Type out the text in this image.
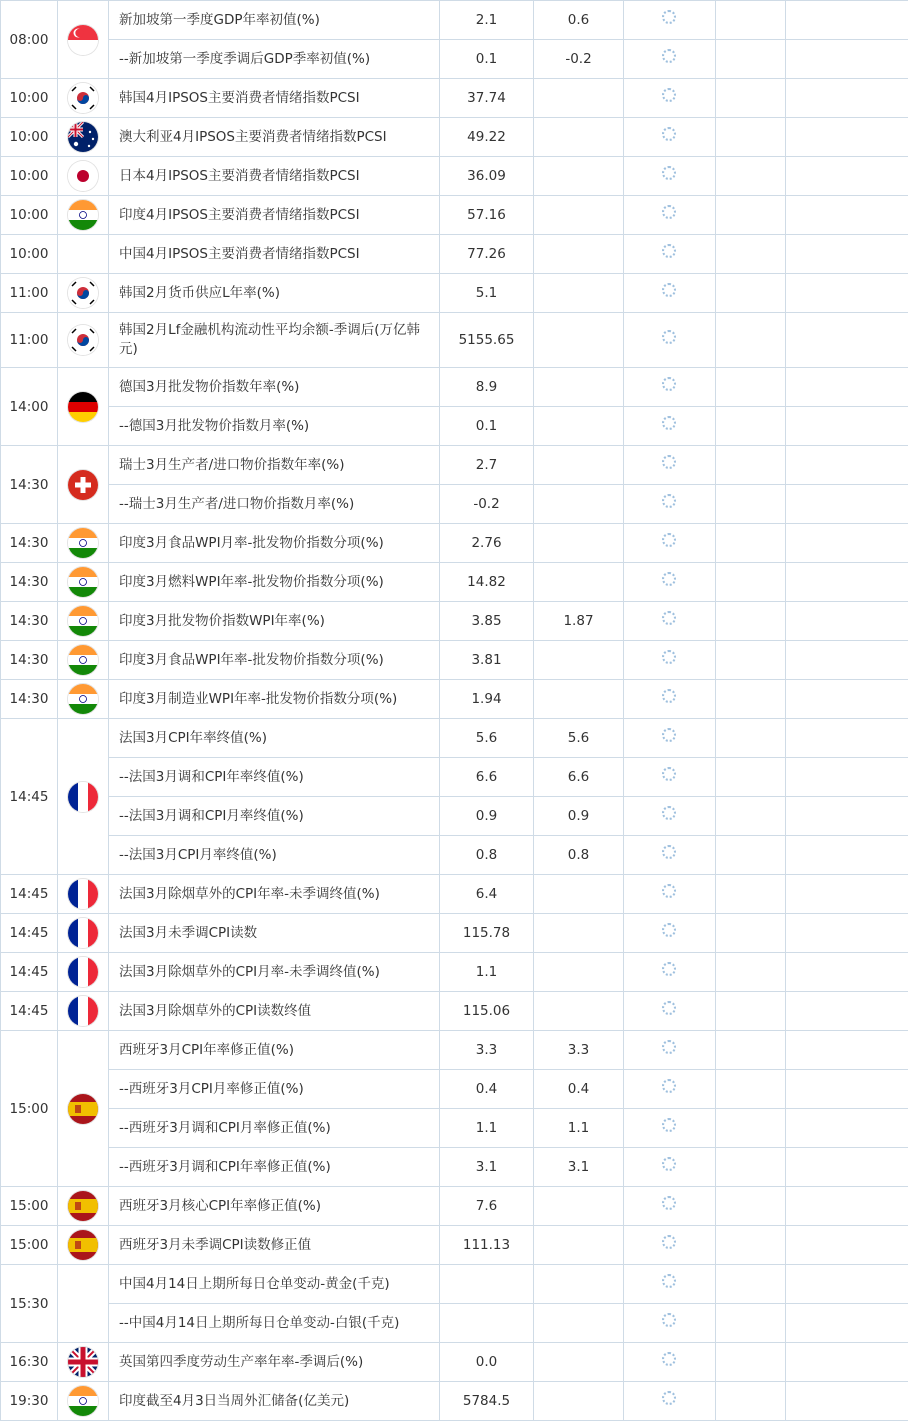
08:00		新加坡第一季度GDP年率初值(%)	2.1	0.6			
		--新加坡第一季度季调后GDP季率初值(%)	0.1	-0.2			
10:00		韩国4月IPSOS主要消费者情绪指数PCSI	37.74				
10:00		澳大利亚4月IPSOS主要消费者情绪指数PCSI	49.22				
10:00		日本4月IPSOS主要消费者情绪指数PCSI	36.09				
10:00		印度4月IPSOS主要消费者情绪指数PCSI	57.16				
10:00		中国4月IPSOS主要消费者情绪指数PCSI	77.26				
11:00		韩国2月货币供应L年率(%)	5.1				
11:00		韩国2月Lf金融机构流动性平均余额-季调后(万亿韩元)	5155.65				
14:00		德国3月批发物价指数年率(%)	8.9				
		--德国3月批发物价指数月率(%)	0.1				
14:30		瑞士3月生产者/进口物价指数年率(%)	2.7				
		--瑞士3月生产者/进口物价指数月率(%)	-0.2				
14:30		印度3月食品WPI月率-批发物价指数分项(%)	2.76				
14:30		印度3月燃料WPI年率-批发物价指数分项(%)	14.82				
14:30		印度3月批发物价指数WPI年率(%)	3.85	1.87			
14:30		印度3月食品WPI年率-批发物价指数分项(%)	3.81				
14:30		印度3月制造业WPI年率-批发物价指数分项(%)	1.94				
14:45		法国3月CPI年率终值(%)	5.6	5.6			
		--法国3月调和CPI年率终值(%)	6.6	6.6			
		--法国3月调和CPI月率终值(%)	0.9	0.9			
		--法国3月CPI月率终值(%)	0.8	0.8			
14:45		法国3月除烟草外的CPI年率-未季调终值(%)	6.4				
14:45		法国3月未季调CPI读数	115.78				
14:45		法国3月除烟草外的CPI月率-未季调终值(%)	1.1				
14:45		法国3月除烟草外的CPI读数终值	115.06				
15:00		西班牙3月CPI年率修正值(%)	3.3	3.3			
		--西班牙3月CPI月率修正值(%)	0.4	0.4			
		--西班牙3月调和CPI月率修正值(%)	1.1	1.1			
		--西班牙3月调和CPI年率修正值(%)	3.1	3.1			
15:00		西班牙3月核心CPI年率修正值(%)	7.6				
15:00		西班牙3月未季调CPI读数修正值	111.13				
15:30		中国4月14日上期所每日仓单变动-黄金(千克)					
		--中国4月14日上期所每日仓单变动-白银(千克)					
16:30		英国第四季度劳动生产率年率-季调后(%)	0.0				
19:30		印度截至4月3日当周外汇储备(亿美元)	5784.5				
